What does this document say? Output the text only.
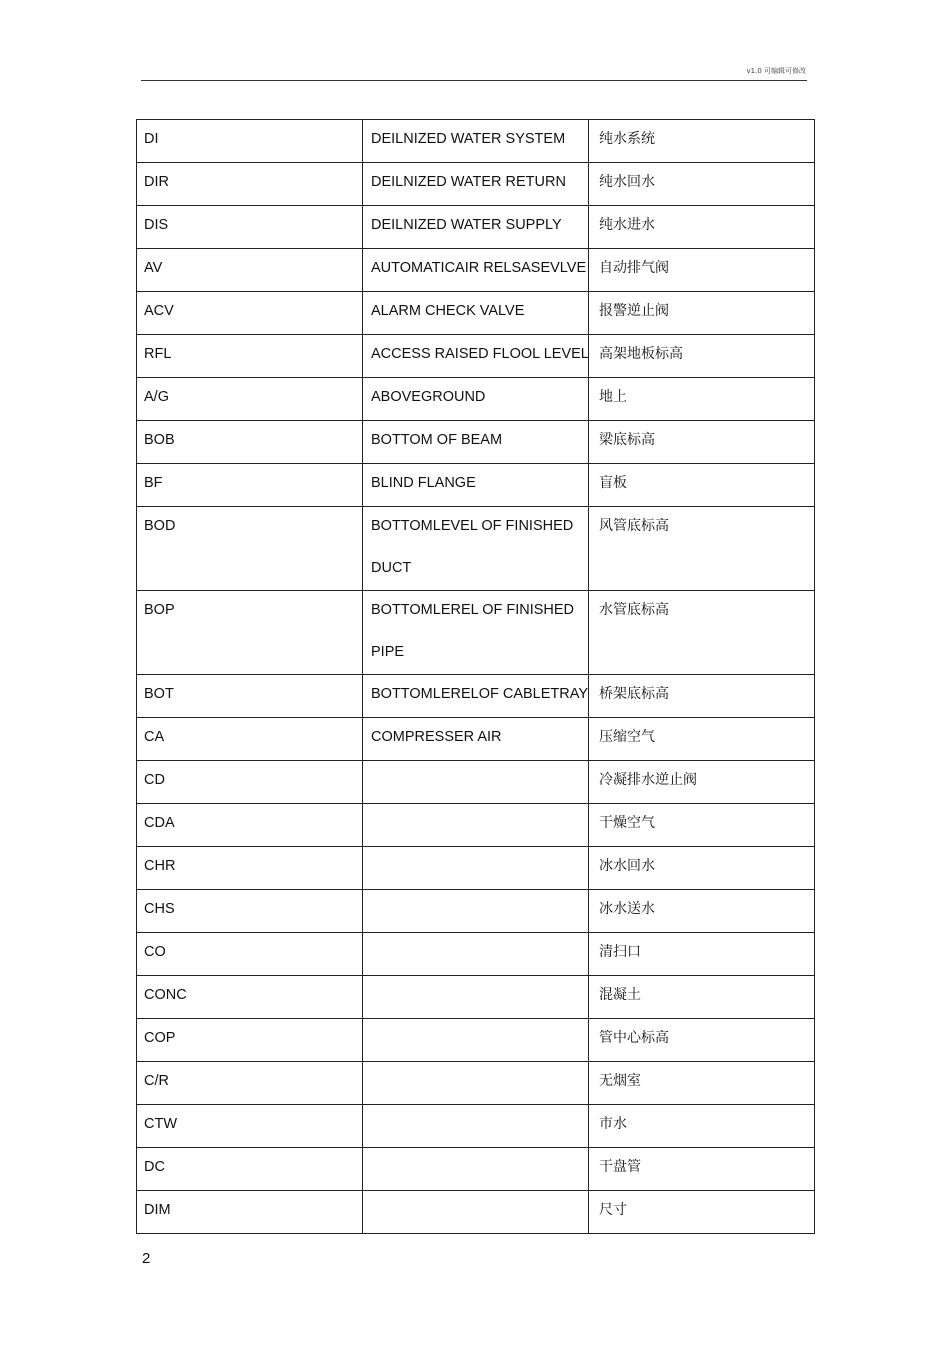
v1.0 可编辑可修改
DI	DEILNIZED WATER SYSTEM	纯水系统

DIR	DEILNIZED WATER RETURN	纯水回水

DIS	DEILNIZED WATER SUPPLY	纯水进水

AV	AUTOMATICAIR RELSASEVLVE	自动排气阀

ACV	ALARM CHECK VALVE	报警逆止阀

RFL	ACCESS RAISED FLOOL LEVEL	高架地板标高

A/G	ABOVEGROUND	地上

BOB	BOTTOM OF BEAM	梁底标高

BF	BLIND FLANGE	盲板

BOD	BOTTOMLEVEL OF FINISHED DUCT	风管底标高

BOP	BOTTOMLEREL OF FINISHED PIPE	水管底标高

BOT	BOTTOMLERELOF CABLETRAY	桥架底标高

CA	COMPRESSER AIR	压缩空气

CD		冷凝排水逆止阀

CDA		干燥空气

CHR		冰水回水

CHS		冰水送水

CO		清扫口

CONC		混凝土

COP		管中心标高

C/R		无烟室

CTW		市水

DC		干盘管

DIM		尺寸
2
